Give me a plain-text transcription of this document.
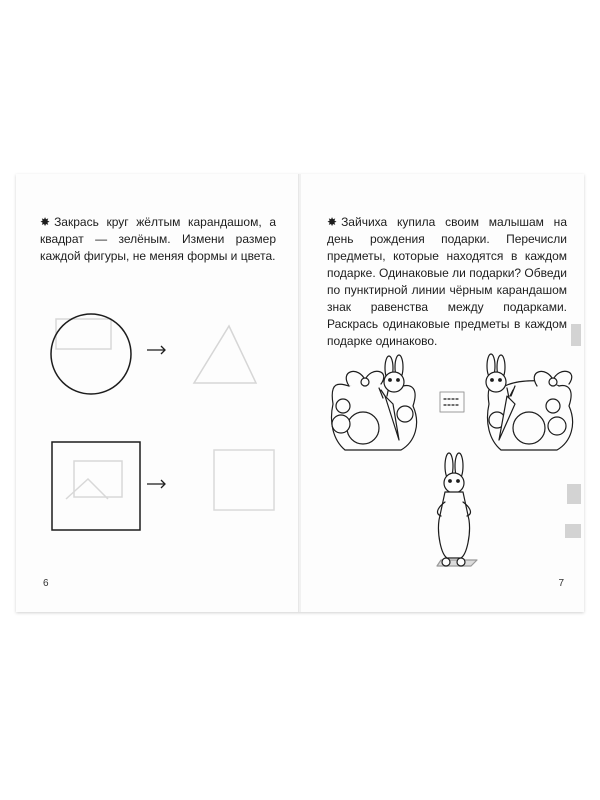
✸ Закрась круг жёлтым карандашом, а квадрат — зелёным. Измени размер каждой фигуры, не меняя формы и цвета.
6
✸ Зайчиха купила своим малышам на день рождения подарки. Перечисли предметы, которые находятся в каждом подарке. Одинаковые ли подарки? Обведи по пунктирной линии чёрным карандашом знак равенства между подарками. Раскрась одинаковые предметы в каждом подарке одинаково.
7
